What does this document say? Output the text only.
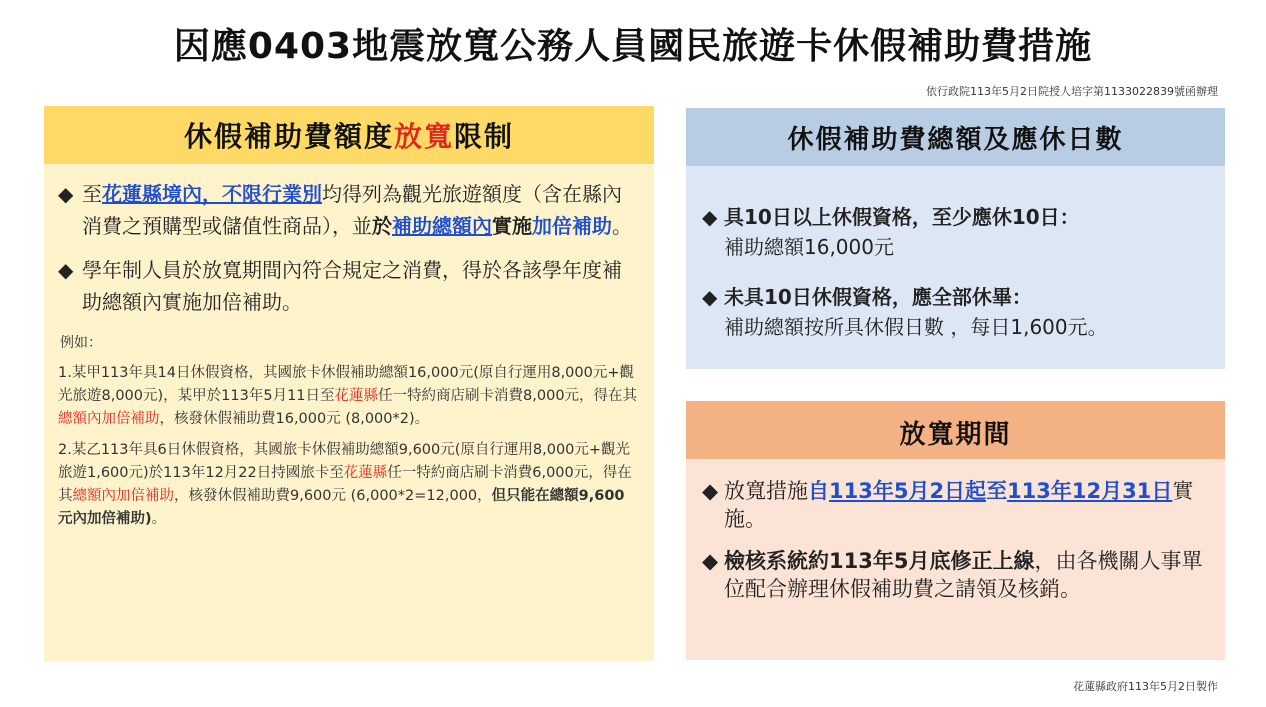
因應0403地震放寬公務人員國民旅遊卡休假補助費措施
依行政院113年5月2日院授人培字第1133022839號函辦理
休假補助費額度放寬限制
◆ 至花蓮縣境內，不限行業別均得列為觀光旅遊額度（含在縣內消費之預購型或儲值性商品），並於補助總額內實施加倍補助。
◆ 學年制人員於放寬期間內符合規定之消費，得於各該學年度補助總額內實施加倍補助。
例如：
1.某甲113年具14日休假資格，其國旅卡休假補助總額16,000元(原自行運用8,000元+觀光旅遊8,000元)，某甲於113年5月11日至花蓮縣任一特約商店刷卡消費8,000元，得在其總額內加倍補助，核發休假補助費16,000元 (8,000*2)。
2.某乙113年具6日休假資格，其國旅卡休假補助總額9,600元(原自行運用8,000元+觀光旅遊1,600元)於113年12月22日持國旅卡至花蓮縣任一特約商店刷卡消費6,000元，得在其總額內加倍補助，核發休假補助費9,600元 (6,000*2=12,000，但只能在總額9,600元內加倍補助)。
休假補助費總額及應休日數
◆ 具10日以上休假資格，至少應休10日：
補助總額16,000元
◆ 未具10日休假資格，應全部休畢：
補助總額按所具休假日數 ，每日1,600元。
放寬期間
◆ 放寬措施自113年5月2日起至113年12月31日實施。
◆ 檢核系統約113年5月底修正上線，由各機關人事單位配合辦理休假補助費之請領及核銷。
花蓮縣政府113年5月2日製作
